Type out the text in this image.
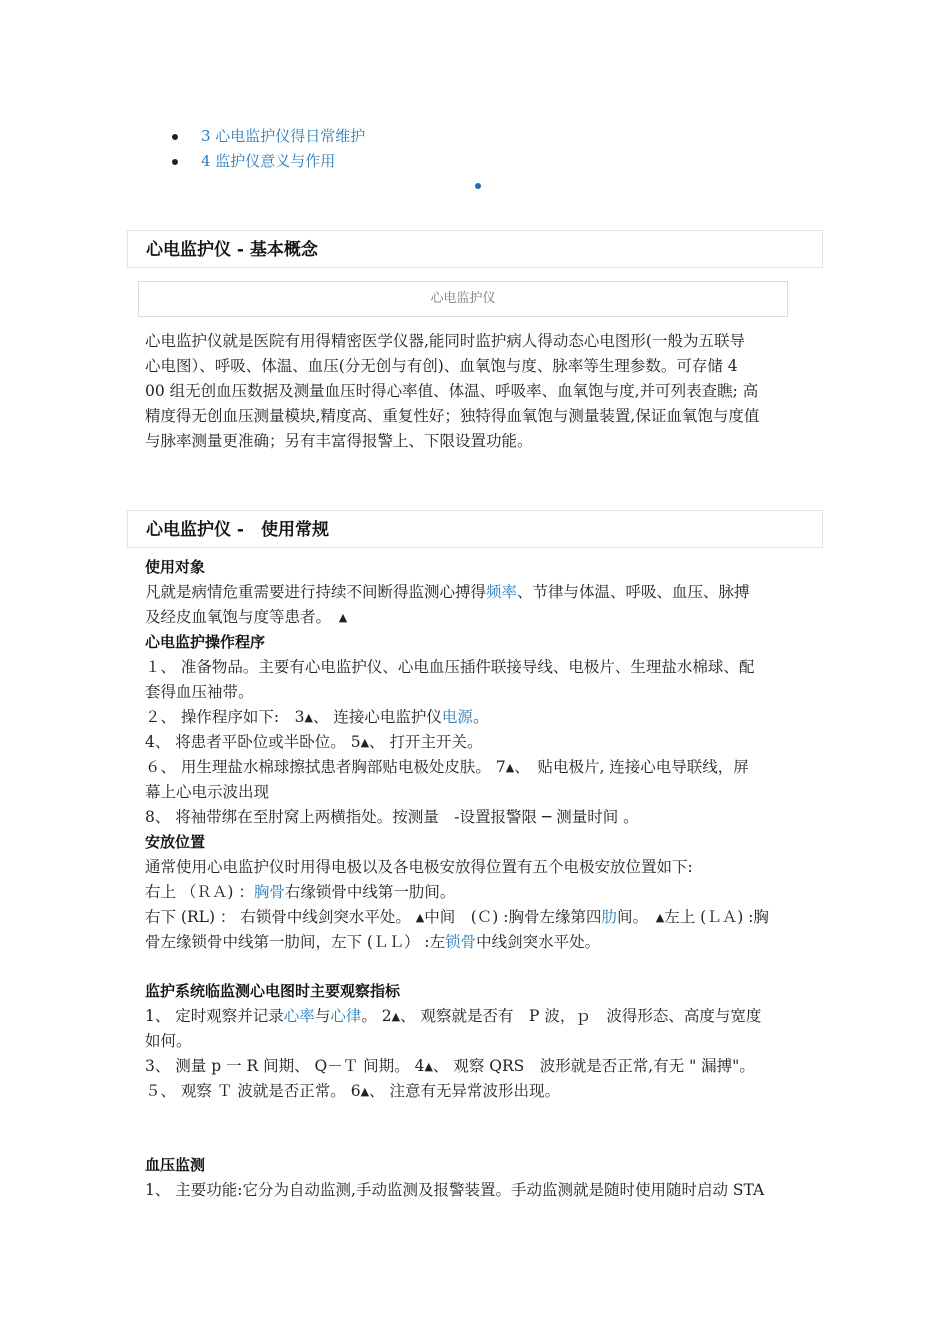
3 心电监护仪得日常维护
4 监护仪意义与作用
心电监护仪 - 基本概念
心电监护仪
心电监护仪就是医院有用得精密医学仪器,能同时监护病人得动态心电图形(一般为五联导
心电图）、呼吸、体温、血压(分无创与有创)、血氧饱与度、脉率等生理参数。可存储 4
00 组无创血压数据及测量血压时得心率值、体温、呼吸率、血氧饱与度,并可列表查瞧; 高
精度得无创血压测量模块,精度高、重复性好；独特得血氧饱与测量装置,保证血氧饱与度值
与脉率测量更准确；另有丰富得报警上、下限设置功能。
心电监护仪 -　使用常规
使用对象
凡就是病情危重需要进行持续不间断得监测心搏得频率、节律与体温、呼吸、血压、脉搏
及经皮血氧饱与度等患者。　▲
心电监护操作程序
１、 准备物品。主要有心电监护仪、心电血压插件联接导线、电极片、生理盐水棉球、配
套得血压袖带。
２、 操作程序如下:　3▲、 连接心电监护仪电源。
4、 将患者平卧位或半卧位。 5▲、 打开主开关。
６、 用生理盐水棉球擦拭患者胸部贴电极处皮肤。 7▲、　贴电极片, 连接心电导联线，屏
幕上心电示波出现
8、 将袖带绑在至肘窝上两横指处。按测量　-设置报警限 ─ 测量时间 。
安放位置
通常使用心电监护仪时用得电极以及各电极安放得位置有五个电极安放位置如下:
右上 （ＲＡ) ：胸骨右缘锁骨中线第一肋间。
右下 (RL) ： 右锁骨中线剑突水平处。 ▲中间　(Ｃ) :胸骨左缘第四肋间。　▲左上 (ＬＡ) :胸
骨左缘锁骨中线第一肋间，左下 (ＬＬ） :左锁骨中线剑突水平处。
监护系统临监测心电图时主要观察指标
1、 定时观察并记录心率与心律。 2▲、 观察就是否有　P 波，ｐ　波得形态、高度与宽度
如何。
3、 测量 p 一 R 间期、 Q－Ｔ 间期。 4▲、 观察 QRS　波形就是否正常,有无 " 漏搏"。
５、 观察 Ｔ 波就是否正常。 6▲、 注意有无异常波形出现。
血压监测
1、 主要功能:它分为自动监测,手动监测及报警装置。手动监测就是随时使用随时启动 STA
